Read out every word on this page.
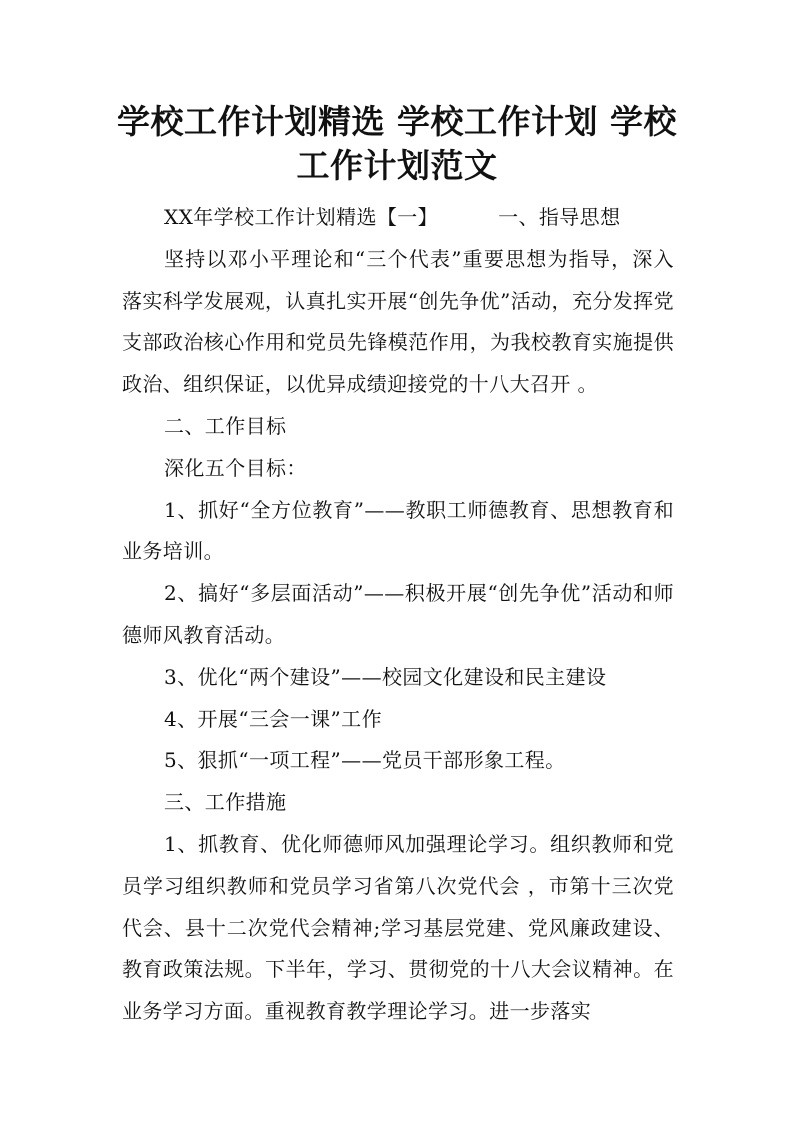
学校工作计划精选 学校工作计划 学校工作计划范文

XX年学校工作计划精选【一】	一、指导思想

坚持以邓小平理论和“三个代表”重要思想为指导，深入落实科学发展观，认真扎实开展“创先争优”活动，充分发挥党支部政治核心作用和党员先锋模范作用，为我校教育实施提供政治、组织保证，以优异成绩迎接党的十八大召开 。

二、工作目标

深化五个目标：

1、抓好“全方位教育”——教职工师德教育、思想教育和业务培训。

2、搞好“多层面活动”——积极开展“创先争优”活动和师德师风教育活动。

3、优化“两个建设”——校园文化建设和民主建设

4、开展“三会一课”工作

5、狠抓“一项工程”——党员干部形象工程。

三、工作措施

1、抓教育、优化师德师风加强理论学习。组织教师和党员学习组织教师和党员学习省第八次党代会 ，市第十三次党代会、县十二次党代会精神;学习基层党建、党风廉政建设、教育政策法规。下半年，学习、贯彻党的十八大会议精神。在业务学习方面。重视教育教学理论学习。进一步落实
